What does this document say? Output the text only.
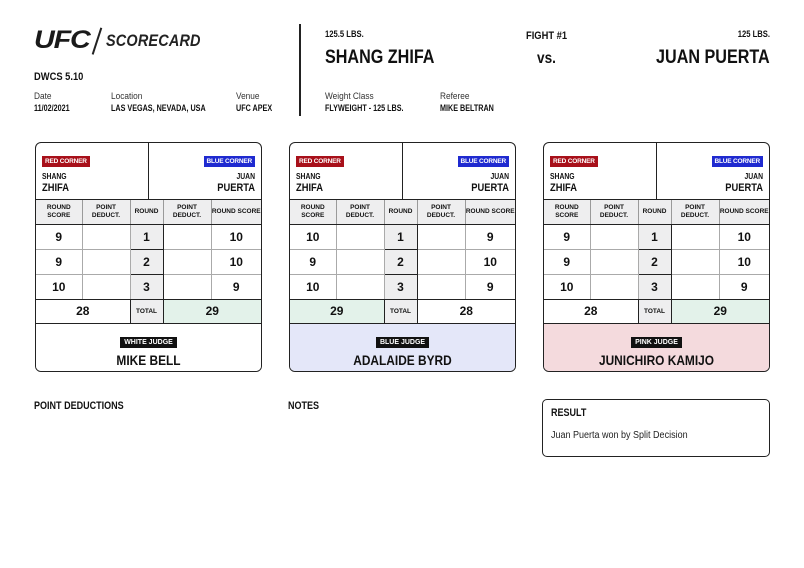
UFC SCORECARD
DWCS 5.10
Date
11/02/2021
Location
LAS VEGAS, NEVADA, USA
Venue
UFC APEX
125.5 LBS.
SHANG ZHIFA
FIGHT #1
vs.
125 LBS.
JUAN PUERTA
Weight Class
FLYWEIGHT - 125 LBS.
Referee
MIKE BELTRAN
RED CORNER
SHANG
ZHIFA
BLUE CORNER
JUAN
PUERTA
ROUND SCORE	POINT DEDUCT.	ROUND	POINT DEDUCT.	ROUND SCORE
9		1		10
9		2		10
10		3		9
28		TOTAL	29	
WHITE JUDGE
MIKE BELL
RED CORNER
SHANG
ZHIFA
BLUE CORNER
JUAN
PUERTA
ROUND SCORE	POINT DEDUCT.	ROUND	POINT DEDUCT.	ROUND SCORE
10		1		9
9		2		10
10		3		9
29		TOTAL	28	
BLUE JUDGE
ADALAIDE BYRD
RED CORNER
SHANG
ZHIFA
BLUE CORNER
JUAN
PUERTA
ROUND SCORE	POINT DEDUCT.	ROUND	POINT DEDUCT.	ROUND SCORE
9		1		10
9		2		10
10		3		9
28		TOTAL	29	
PINK JUDGE
JUNICHIRO KAMIJO
POINT DEDUCTIONS	NOTES
RESULT
Juan Puerta won by Split Decision
